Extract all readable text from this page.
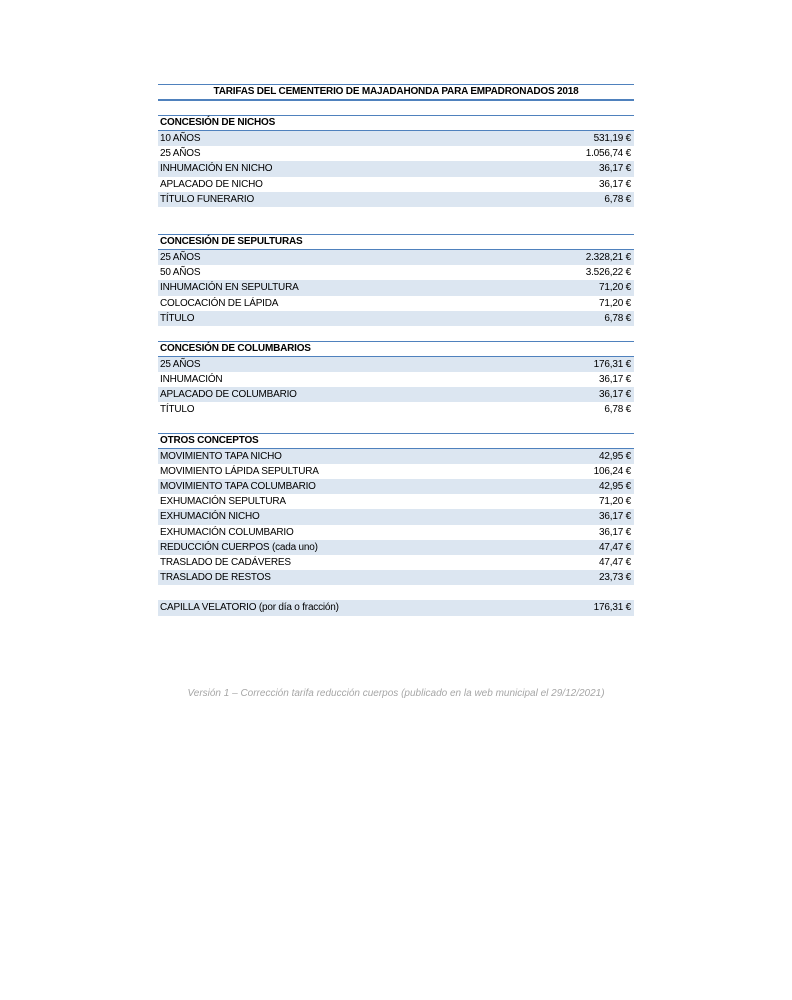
TARIFAS DEL CEMENTERIO DE MAJADAHONDA PARA EMPADRONADOS 2018
CONCESIÓN DE NICHOS
10 AÑOS	531,19 €
25 AÑOS	1.056,74 €
INHUMACIÓN EN NICHO	36,17 €
APLACADO DE NICHO	36,17 €
TÍTULO FUNERARIO	6,78 €
CONCESIÓN DE SEPULTURAS
25 AÑOS	2.328,21 €
50 AÑOS	3.526,22 €
INHUMACIÓN EN SEPULTURA	71,20 €
COLOCACIÓN DE LÁPIDA	71,20 €
TÍTULO	6,78 €
CONCESIÓN DE COLUMBARIOS
25 AÑOS	176,31 €
INHUMACIÓN	36,17 €
APLACADO DE COLUMBARIO	36,17 €
TÍTULO	6,78 €
OTROS CONCEPTOS
MOVIMIENTO TAPA NICHO	42,95 €
MOVIMIENTO LÁPIDA SEPULTURA	106,24 €
MOVIMIENTO TAPA COLUMBARIO	42,95 €
EXHUMACIÓN SEPULTURA	71,20 €
EXHUMACIÓN NICHO	36,17 €
EXHUMACIÓN COLUMBARIO	36,17 €
REDUCCIÓN CUERPOS (cada uno)	47,47 €
TRASLADO DE CADÁVERES	47,47 €
TRASLADO DE RESTOS	23,73 €
CAPILLA VELATORIO (por día o fracción)	176,31 €
Versión 1 – Corrección tarifa reducción cuerpos (publicado en la web municipal el 29/12/2021)
